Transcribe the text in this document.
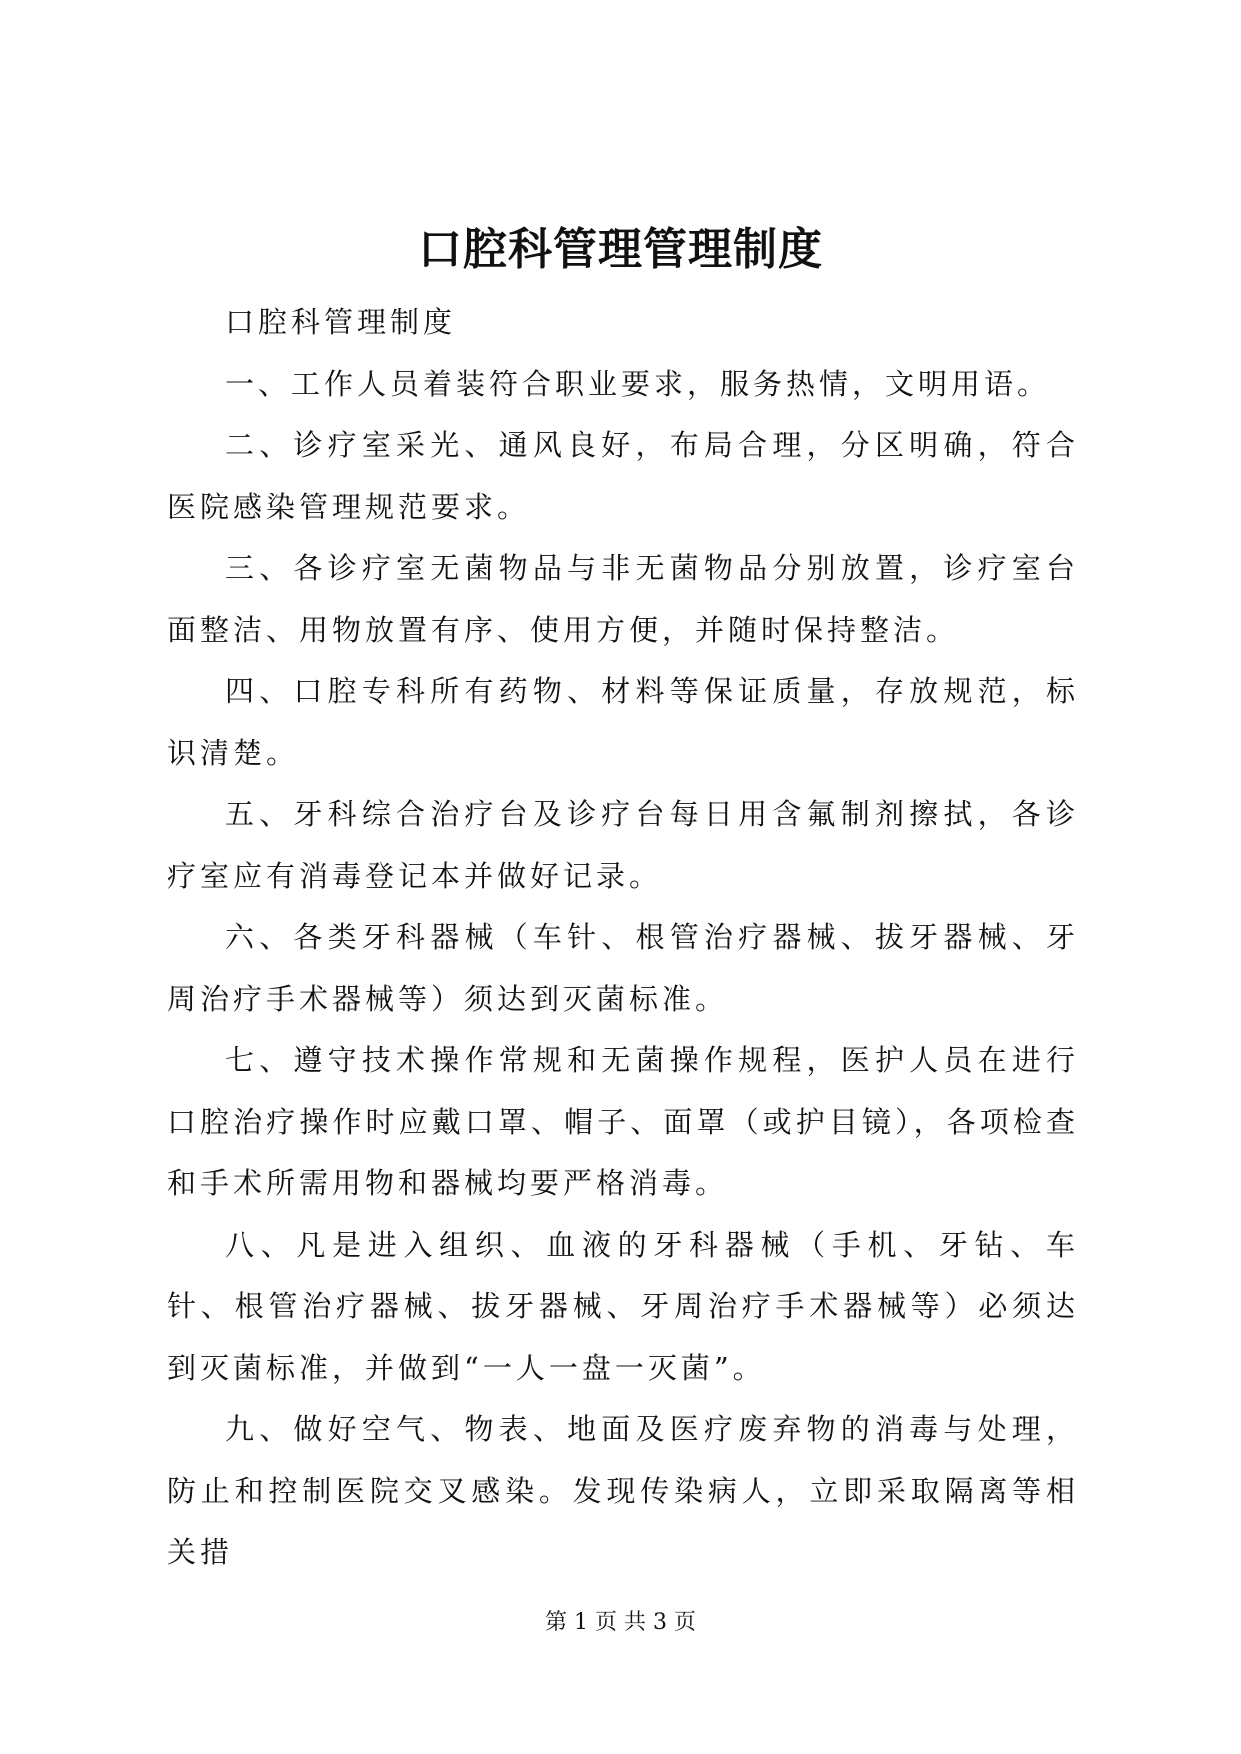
口腔科管理管理制度

口腔科管理制度

一、工作人员着装符合职业要求，服务热情，文明用语。

二、诊疗室采光、通风良好，布局合理，分区明确，符合医院感染管理规范要求。

三、各诊疗室无菌物品与非无菌物品分别放置，诊疗室台面整洁、用物放置有序、使用方便，并随时保持整洁。

四、口腔专科所有药物、材料等保证质量，存放规范，标识清楚。

五、牙科综合治疗台及诊疗台每日用含氟制剂擦拭，各诊疗室应有消毒登记本并做好记录。

六、各类牙科器械（车针、根管治疗器械、拔牙器械、牙周治疗手术器械等）须达到灭菌标准。

七、遵守技术操作常规和无菌操作规程，医护人员在进行口腔治疗操作时应戴口罩、帽子、面罩（或护目镜），各项检查和手术所需用物和器械均要严格消毒。

八、凡是进入组织、血液的牙科器械（手机、牙钻、车针、根管治疗器械、拔牙器械、牙周治疗手术器械等）必须达到灭菌标准，并做到“一人一盘一灭菌”。

九、做好空气、物表、地面及医疗废弃物的消毒与处理，防止和控制医院交叉感染。发现传染病人，立即采取隔离等相关措

第 1 页 共 3 页
